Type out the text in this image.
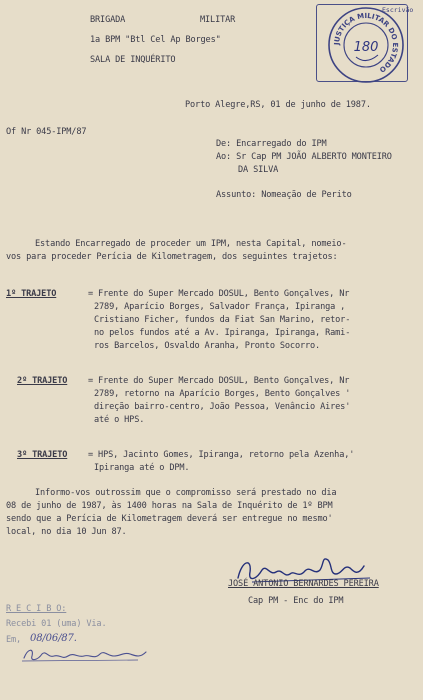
BRIGADA	MILITAR
1a BPM "Btl Cel Ap Borges"
SALA DE INQUÉRITO
Escrivão
JUSTIÇA MILITAR DO ESTADO
180
Porto Alegre,RS, 01 de junho de 1987.
Of Nr 045-IPM/87
De: Encarregado do IPM
Ao: Sr Cap PM JOÃO ALBERTO MONTEIRO
DA SILVA
Assunto: Nomeação de Perito
Estando Encarregado de proceder um IPM, nesta Capital, nomeio-
vos para proceder Perícia de Kilometragem, dos seguintes trajetos:
1º TRAJETO	= Frente do Super Mercado DOSUL, Bento Gonçalves, Nr
2789, Aparício Borges, Salvador França, Ipiranga ,
Cristiano Ficher, fundos da Fiat San Marino, retor-
no pelos fundos até a Av. Ipiranga, Ipiranga, Rami-
ros Barcelos, Osvaldo Aranha, Pronto Socorro.
2º TRAJETO = Frente do Super Mercado DOSUL, Bento Gonçalves, Nr
2789, retorno na Aparício Borges, Bento Gonçalves '
direção bairro-centro, João Pessoa, Venâncio Aires'
até o HPS.
3º TRAJETO = HPS, Jacinto Gomes, Ipiranga, retorno pela Azenha,'
Ipiranga até o DPM.
Informo-vos outrossim que o compromisso será prestado no dia
08 de junho de 1987, às 1400 horas na Sala de Inquérito de 1º BPM
sendo que a Perícia de Kilometragem deverá ser entregue no mesmo'
local, no dia 10 Jun 87.
JOSÉ ANTONIO BERNARDES PEREIRA
Cap PM - Enc do IPM
R E C I B O:
Recebi 01 (uma) Via.
Em, 08/06/87.
